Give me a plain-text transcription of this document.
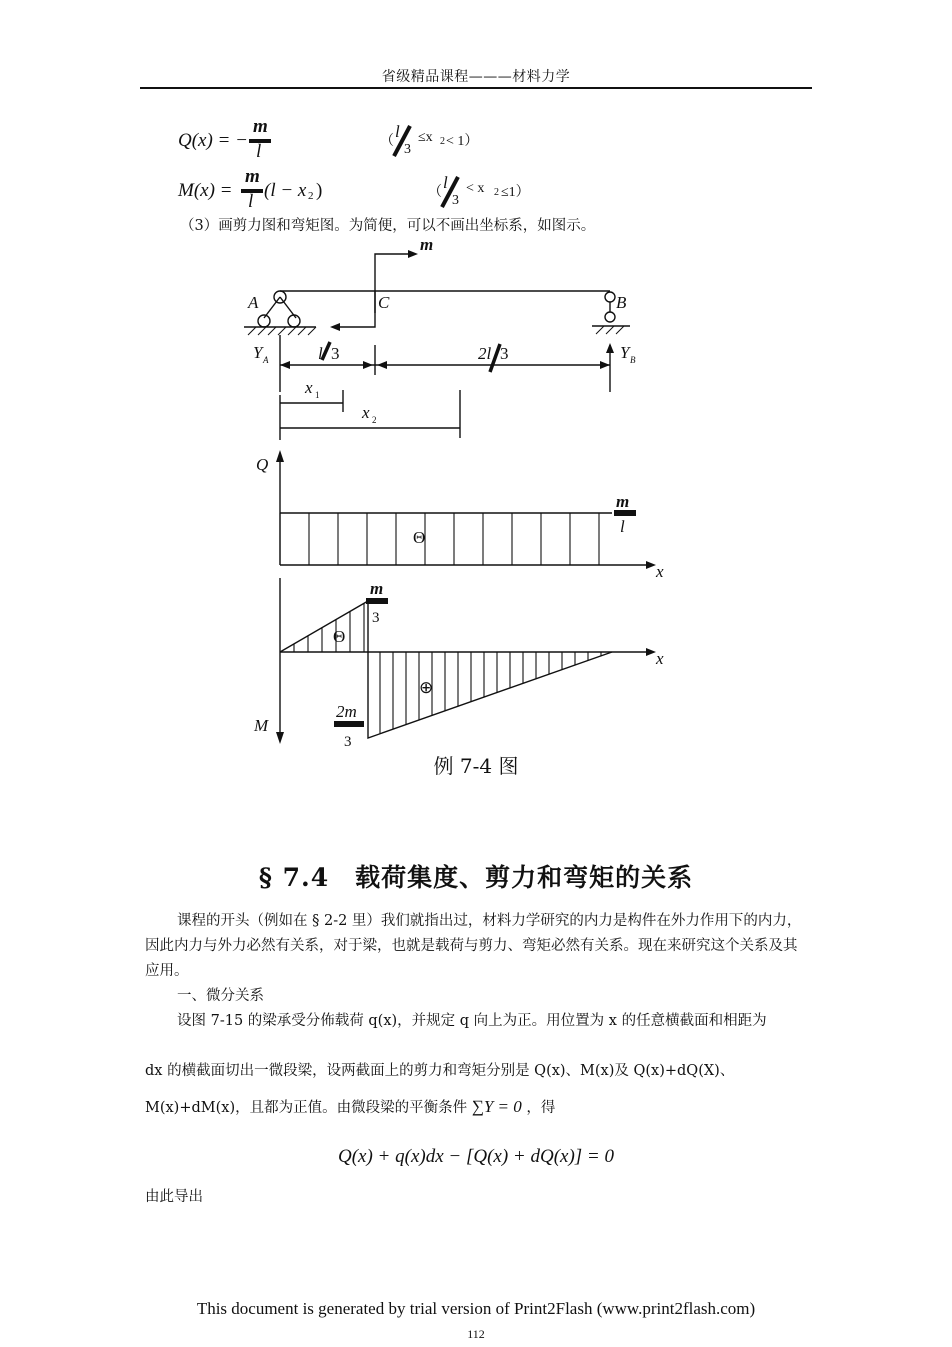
省级精品课程———材料力学
Q(x) = −
m
l	（
l
3
≤x 2 < 1）
M(x) =
m
l
(l − x 2 )	（
l
3
< x 2 ≤1）
（3）画剪力图和弯矩图。为简便，可以不画出坐标系，如图示。
m
A	C	B
Y A	Y B
l 3	2l 3
x 1
x 2
Q
Θ
m
l
x
m
3
Θ
⊕
x
2m
3
M
例 7-4 图
§ 7.4　载荷集度、剪力和弯矩的关系
课程的开头（例如在 § 2-2 里）我们就指出过，材料力学研究的内力是构件在外力作用下的内力，因此内力与外力必然有关系，对于梁，也就是载荷与剪力、弯矩必然有关系。现在来研究这个关系及其应用。
一、微分关系
设图 7-15 的梁承受分佈载荷 q(x)，并规定 q 向上为正。用位置为 x 的任意横截面和相距为
dx 的横截面切出一微段梁，设两截面上的剪力和弯矩分别是 Q(x)、M(x)及 Q(x)+dQ(X)、
M(x)+dM(x)，且都为正值。由微段梁的平衡条件 ∑Y = 0 ，得
Q(x) + q(x)dx − [Q(x) + dQ(x)] = 0
由此导出
This document is generated by trial version of Print2Flash (www.print2flash.com)
112
